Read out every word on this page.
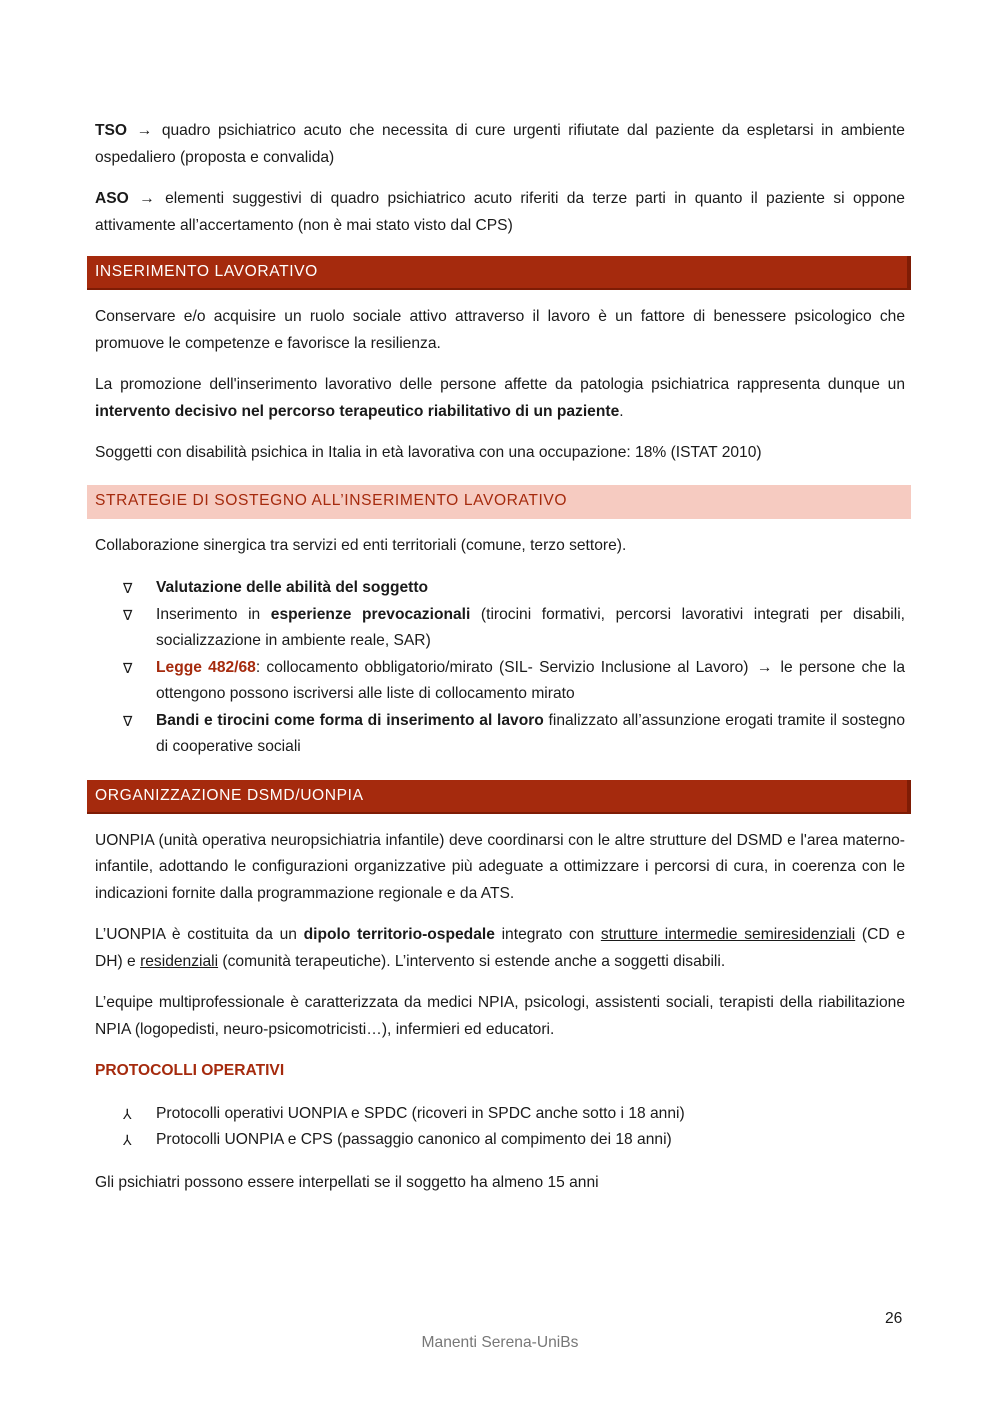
TSO → quadro psichiatrico acuto che necessita di cure urgenti rifiutate dal paziente da espletarsi in ambiente ospedaliero (proposta e convalida)

ASO → elementi suggestivi di quadro psichiatrico acuto riferiti da terze parti in quanto il paziente si oppone attivamente all’accertamento (non è mai stato visto dal CPS)

INSERIMENTO LAVORATIVO

Conservare e/o acquisire un ruolo sociale attivo attraverso il lavoro è un fattore di benessere psicologico che promuove le competenze e favorisce la resilienza.

La promozione dell'inserimento lavorativo delle persone affette da patologia psichiatrica rappresenta dunque un intervento decisivo nel percorso terapeutico riabilitativo di un paziente.

Soggetti con disabilità psichica in Italia in età lavorativa con una occupazione: 18% (ISTAT 2010)

STRATEGIE DI SOSTEGNO ALL’INSERIMENTO LAVORATIVO

Collaborazione sinergica tra servizi ed enti territoriali (comune, terzo settore).

∇ Valutazione delle abilità del soggetto
∇ Inserimento in esperienze prevocazionali (tirocini formativi, percorsi lavorativi integrati per disabili, socializzazione in ambiente reale, SAR)
∇ Legge 482/68: collocamento obbligatorio/mirato (SIL- Servizio Inclusione al Lavoro) → le persone che la ottengono possono iscriversi alle liste di collocamento mirato
∇ Bandi e tirocini come forma di inserimento al lavoro finalizzato all’assunzione erogati tramite il sostegno di cooperative sociali
ORGANIZZAZIONE DSMD/UONPIA

UONPIA (unità operativa neuropsichiatria infantile) deve coordinarsi con le altre strutture del DSMD e l'area materno-infantile, adottando le configurazioni organizzative più adeguate a ottimizzare i percorsi di cura, in coerenza con le indicazioni fornite dalla programmazione regionale e da ATS.

L’UONPIA è costituita da un dipolo territorio-ospedale integrato con strutture intermedie semiresidenziali (CD e DH) e residenziali (comunità terapeutiche). L’intervento si estende anche a soggetti disabili.

L’equipe multiprofessionale è caratterizzata da medici NPIA, psicologi, assistenti sociali, terapisti della riabilitazione NPIA (logopedisti, neuro-psicomotricisti…), infermieri ed educatori.

PROTOCOLLI OPERATIVI
⅄ Protocolli operativi UONPIA e SPDC (ricoveri in SPDC anche sotto i 18 anni)
⅄ Protocolli UONPIA e CPS (passaggio canonico al compimento dei 18 anni)

Gli psichiatri possono essere interpellati se il soggetto ha almeno 15 anni

26
Manenti Serena-UniBs
